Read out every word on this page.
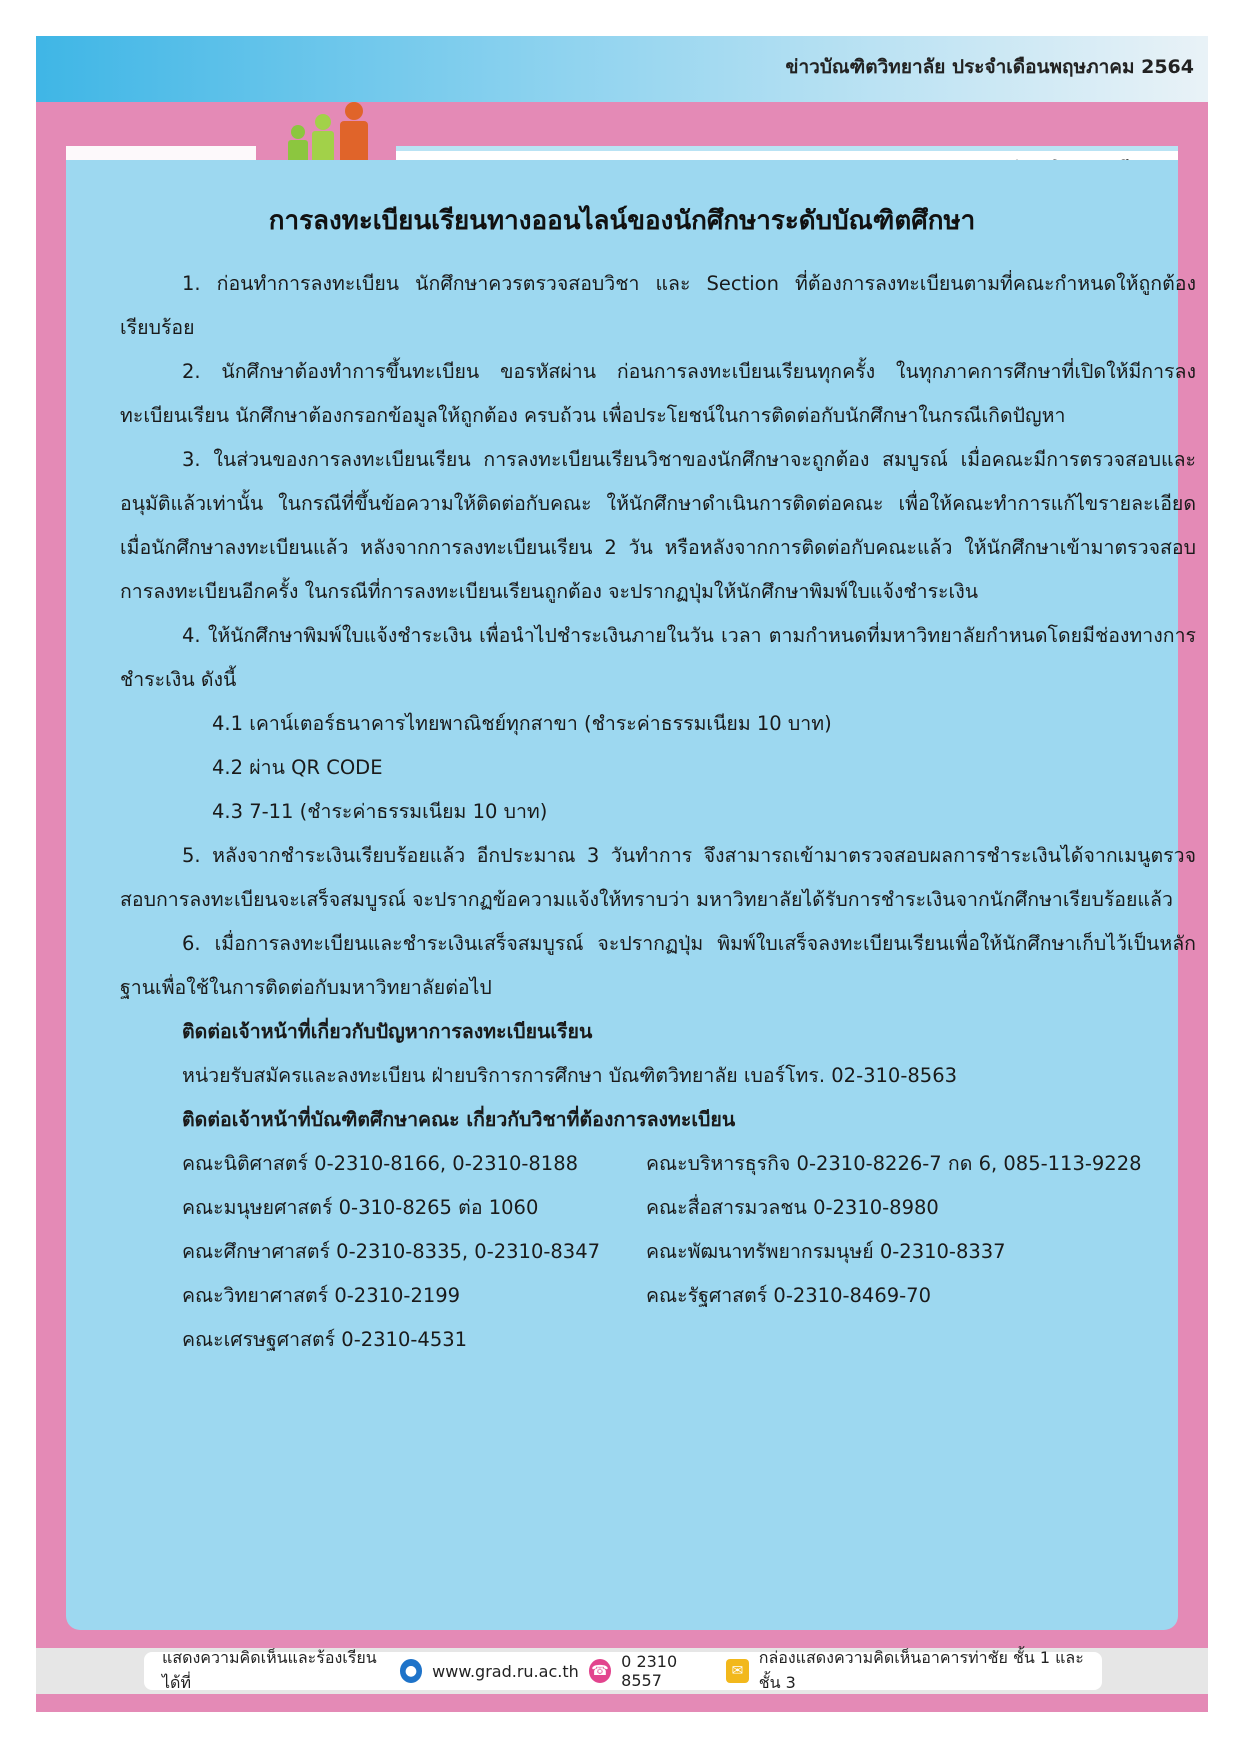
ข่าวบัณฑิตวิทยาลัย ประจำเดือนพฤษภาคม 2564
การลงทะเบียนเรียนทางออนไลน์ของนักศึกษาระดับบัณฑิตศึกษา

1. ก่อนทำการลงทะเบียน นักศึกษาควรตรวจสอบวิชา และ Section ที่ต้องการลงทะเบียนตามที่คณะกำหนดให้ถูกต้อง เรียบร้อย

2. นักศึกษาต้องทำการขึ้นทะเบียน ขอรหัสผ่าน ก่อนการลงทะเบียนเรียนทุกครั้ง ในทุกภาคการศึกษาที่เปิดให้มีการลงทะเบียนเรียน นักศึกษาต้องกรอกข้อมูลให้ถูกต้อง ครบถ้วน เพื่อประโยชน์ในการติดต่อกับนักศึกษาในกรณีเกิดปัญหา

3. ในส่วนของการลงทะเบียนเรียน การลงทะเบียนเรียนวิชาของนักศึกษาจะถูกต้อง สมบูรณ์ เมื่อคณะมีการตรวจสอบและอนุมัติแล้วเท่านั้น ในกรณีที่ขึ้นข้อความให้ติดต่อกับคณะ ให้นักศึกษาดำเนินการติดต่อคณะ เพื่อให้คณะทำการแก้ไขรายละเอียดเมื่อนักศึกษาลงทะเบียนแล้ว หลังจากการลงทะเบียนเรียน 2 วัน หรือหลังจากการติดต่อกับคณะแล้ว ให้นักศึกษาเข้ามาตรวจสอบการลงทะเบียนอีกครั้ง ในกรณีที่การลงทะเบียนเรียนถูกต้อง จะปรากฏปุ่มให้นักศึกษาพิมพ์ใบแจ้งชำระเงิน

4. ให้นักศึกษาพิมพ์ใบแจ้งชำระเงิน เพื่อนำไปชำระเงินภายในวัน เวลา ตามกำหนดที่มหาวิทยาลัยกำหนดโดยมีช่องทางการชำระเงิน ดังนี้

4.1 เคาน์เตอร์ธนาคารไทยพาณิชย์ทุกสาขา (ชำระค่าธรรมเนียม 10 บาท)

4.2 ผ่าน QR CODE

4.3 7-11 (ชำระค่าธรรมเนียม 10 บาท)

5. หลังจากชำระเงินเรียบร้อยแล้ว อีกประมาณ 3 วันทำการ จึงสามารถเข้ามาตรวจสอบผลการชำระเงินได้จากเมนูตรวจสอบการลงทะเบียนจะเสร็จสมบูรณ์ จะปรากฏข้อความแจ้งให้ทราบว่า มหาวิทยาลัยได้รับการชำระเงินจากนักศึกษาเรียบร้อยแล้ว

6. เมื่อการลงทะเบียนและชำระเงินเสร็จสมบูรณ์ จะปรากฏปุ่ม พิมพ์ใบเสร็จลงทะเบียนเรียนเพื่อให้นักศึกษาเก็บไว้เป็นหลักฐานเพื่อใช้ในการติดต่อกับมหาวิทยาลัยต่อไป

ติดต่อเจ้าหน้าที่เกี่ยวกับปัญหาการลงทะเบียนเรียน

หน่วยรับสมัครและลงทะเบียน ฝ่ายบริการการศึกษา บัณฑิตวิทยาลัย เบอร์โทร. 02-310-8563

ติดต่อเจ้าหน้าที่บัณฑิตศึกษาคณะ เกี่ยวกับวิชาที่ต้องการลงทะเบียน

คณะนิติศาสตร์ 0-2310-8166, 0-2310-8188	คณะบริหารธุรกิจ 0-2310-8226-7 กด 6, 085-113-9228
คณะมนุษยศาสตร์ 0-310-8265 ต่อ 1060	คณะสื่อสารมวลชน 0-2310-8980
คณะศึกษาศาสตร์ 0-2310-8335, 0-2310-8347	คณะพัฒนาทรัพยากรมนุษย์ 0-2310-8337
คณะวิทยาศาสตร์ 0-2310-2199	คณะรัฐศาสตร์ 0-2310-8469-70
คณะเศรษฐศาสตร์ 0-2310-4531
แสดงความคิดเห็นและร้องเรียนได้ที่
● www.grad.ru.ac.th ☎ 0 2310 8557	✉
กล่องแสดงความคิดเห็นอาคารท่าชัย ชั้น 1 และ ชั้น 3
